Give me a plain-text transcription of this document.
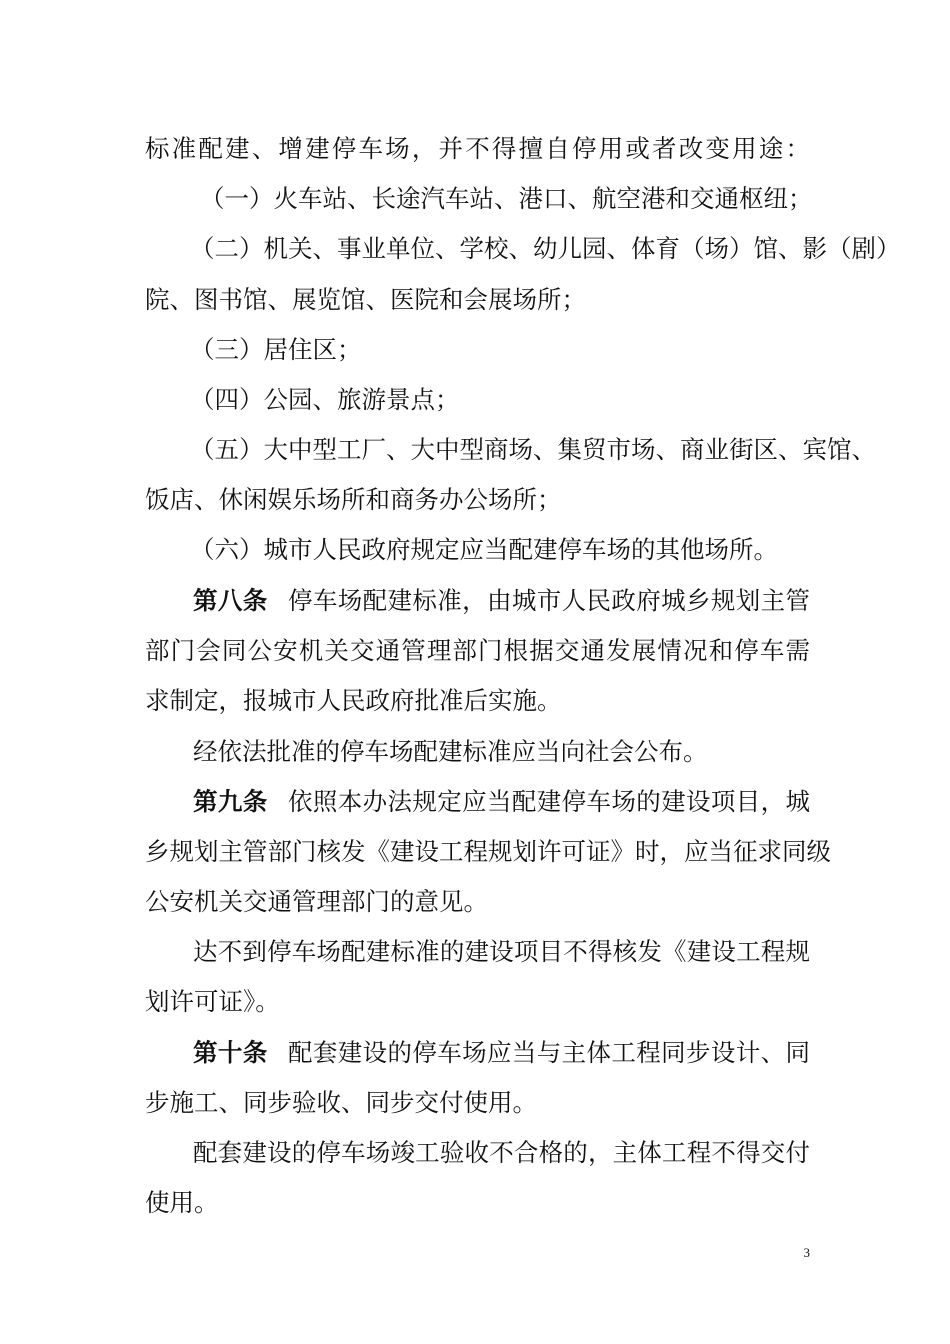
标准配建、增建停车场，并不得擅自停用或者改变用途：
（一）火车站、长途汽车站、港口、航空港和交通枢纽；
（二）机关、事业单位、学校、幼儿园、体育（场）馆、影（剧）
院、图书馆、展览馆、医院和会展场所；
（三）居住区；
（四）公园、旅游景点；
（五）大中型工厂、大中型商场、集贸市场、商业街区、宾馆、
饭店、休闲娱乐场所和商务办公场所；
（六）城市人民政府规定应当配建停车场的其他场所。
第八条 停车场配建标准，由城市人民政府城乡规划主管
部门会同公安机关交通管理部门根据交通发展情况和停车需
求制定，报城市人民政府批准后实施。
经依法批准的停车场配建标准应当向社会公布。
第九条 依照本办法规定应当配建停车场的建设项目，城
乡规划主管部门核发《建设工程规划许可证》时，应当征求同级
公安机关交通管理部门的意见。
达不到停车场配建标准的建设项目不得核发《建设工程规
划许可证》。
第十条 配套建设的停车场应当与主体工程同步设计、同
步施工、同步验收、同步交付使用。
配套建设的停车场竣工验收不合格的，主体工程不得交付
使用。
3
